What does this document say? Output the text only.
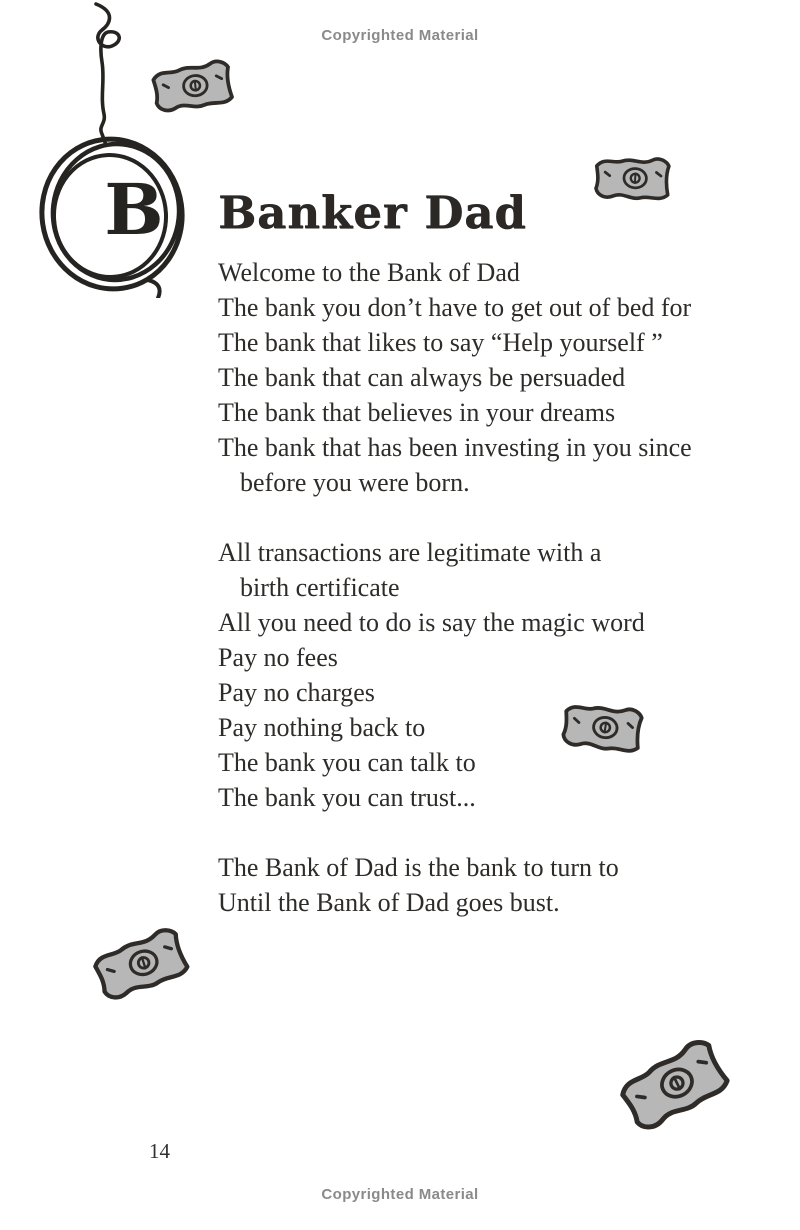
Copyrighted Material
B Banker Dad
Welcome to the Bank of Dad
The bank you don’t have to get out of bed for
The bank that likes to say “Help yourself ”
The bank that can always be persuaded
The bank that believes in your dreams
The bank that has been investing in you since
before you were born.
All transactions are legitimate with a
birth certificate
All you need to do is say the magic word
Pay no fees
Pay no charges
Pay nothing back to
The bank you can talk to
The bank you can trust...
The Bank of Dad is the bank to turn to
Until the Bank of Dad goes bust.
14
Copyrighted Material
